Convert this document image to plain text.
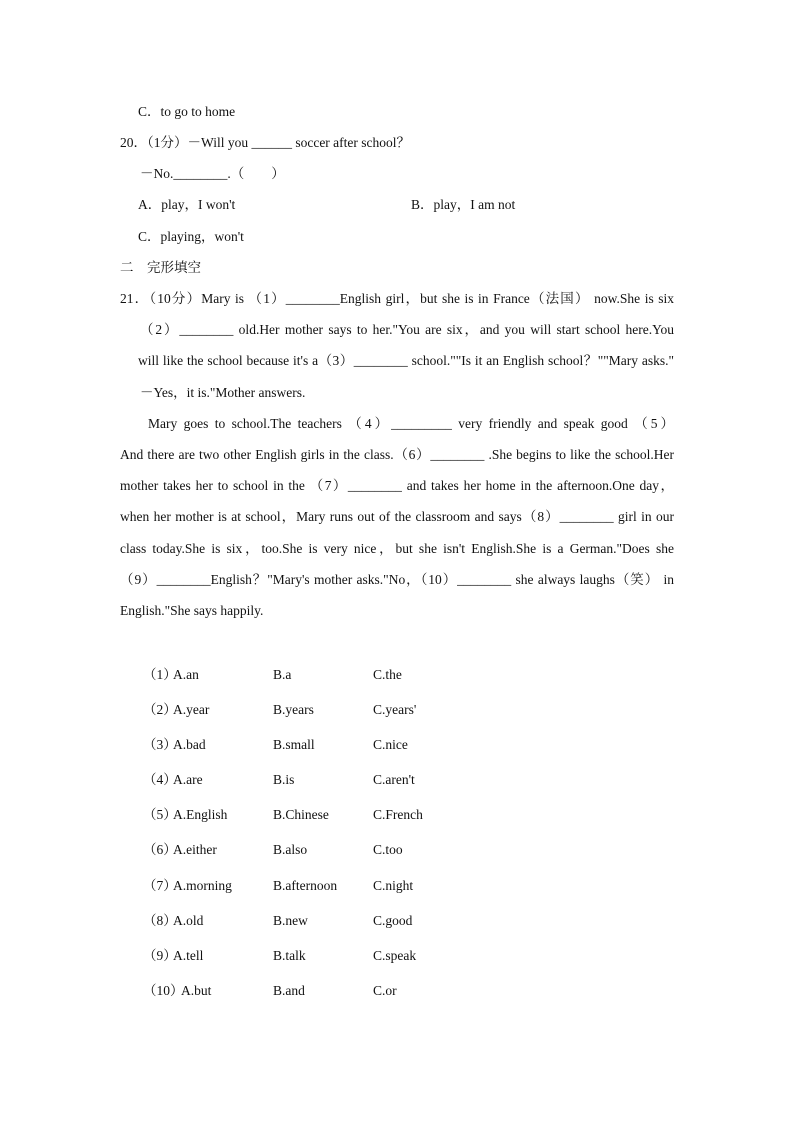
C．to go to home
20．（1分）－Will you ______ soccer after school？
－No.________.（　　）
A．play，I won't	B．play，I am not
C．playing，won't
二　完形填空
21．（10分）Mary is （1）________English girl，but she is in France（法国） now.She is six
（2）________ old.Her mother says to her."You are six，and you will start school here.You
will like the school because it's a（3）________ school.""Is it an English school？""Mary asks."
－Yes，it is."Mother answers.
Mary goes to school.The teachers （4）_________ very friendly and speak good （5）
And there are two other English girls in the class.（6）________ .She begins to like the school.Her
mother takes her to school in the （7）________ and takes her home in the afternoon.One day，
when her mother is at school，Mary runs out of the classroom and says（8）________ girl in our
class today.She is six，too.She is very nice，but she isn't English.She is a German."Does she
（9）________English？"Mary's mother asks."No，（10）________ she always laughs（笑） in
English."She says happily.
（1）
A.an	B.a	C.the
（2）
A.year	B.years	C.years'
（3）
A.bad	B.small	C.nice
（4）
A.are	B.is	C.aren't
（5）
A.English	B.Chinese	C.French
（6）
A.either	B.also	C.too
（7）
A.morning	B.afternoon	C.night
（8）
A.old	B.new	C.good
（9）
A.tell	B.talk	C.speak
（10）
A.but	B.and	C.or
